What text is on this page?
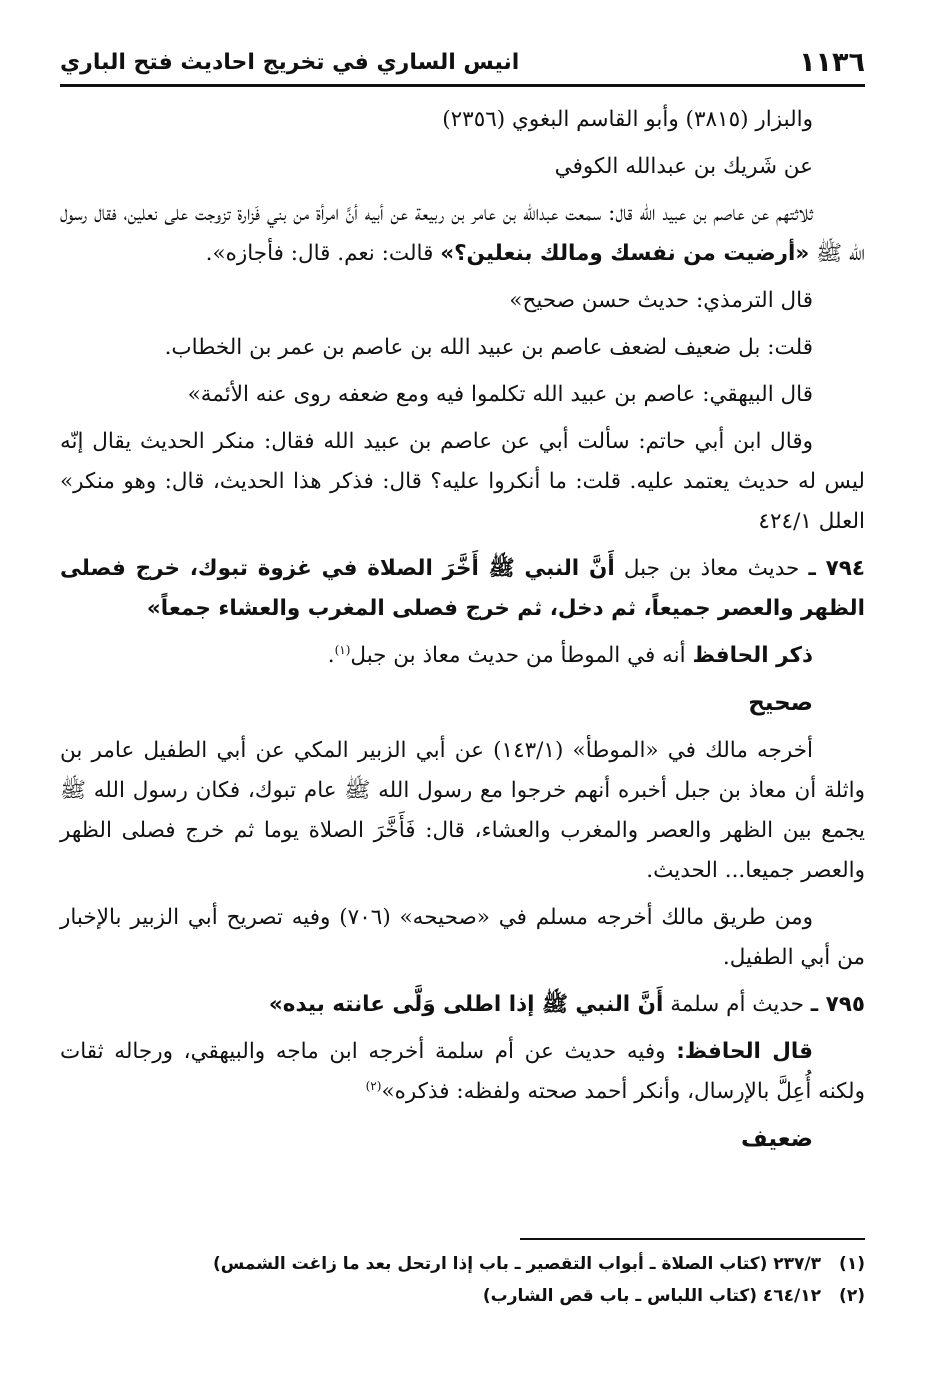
١١٣٦
انيس الساري في تخريج احاديث فتح الباري

والبزار (٣٨١٥) وأبو القاسم البغوي (٢٣٥٦)

عن شَريك بن عبدالله الكوفي

ثلاثتهم عن عاصم بن عبيد الله قال: سمعت عبدالله بن عامر بن ربيعة عن أبيه أنَّ امرأة من بني فَزارة تزوجت على نعلين، فقال رسول الله ﷺ «أرضيت من نفسك ومالك بنعلين؟» قالت: نعم. قال: فأجازه».

قال الترمذي: حديث حسن صحيح»

قلت: بل ضعيف لضعف عاصم بن عبيد الله بن عاصم بن عمر بن الخطاب.

قال البيهقي: عاصم بن عبيد الله تكلموا فيه ومع ضعفه روى عنه الأئمة»

وقال ابن أبي حاتم: سألت أبي عن عاصم بن عبيد الله فقال: منكر الحديث يقال إنّه ليس له حديث يعتمد عليه. قلت: ما أنكروا عليه؟ قال: فذكر هذا الحديث، قال: وهو منكر» العلل ٤٢٤/١

٧٩٤ ـ حديث معاذ بن جبل أَنَّ النبي ﷺ أَخَّرَ الصلاة في غزوة تبوك، خرج فصلى الظهر والعصر جميعاً، ثم دخل، ثم خرج فصلى المغرب والعشاء جمعاً»

ذكر الحافظ أنه في الموطأ من حديث معاذ بن جبل$^{(١)}$.

صحيح

أخرجه مالك في «الموطأ» (١٤٣/١) عن أبي الزبير المكي عن أبي الطفيل عامر بن واثلة أن معاذ بن جبل أخبره أنهم خرجوا مع رسول الله ﷺ عام تبوك، فكان رسول الله ﷺ يجمع بين الظهر والعصر والمغرب والعشاء، قال: فَأَخَّرَ الصلاة يوما ثم خرج فصلى الظهر والعصر جميعا... الحديث.

ومن طريق مالك أخرجه مسلم في «صحيحه» (٧٠٦) وفيه تصريح أبي الزبير بالإخبار من أبي الطفيل.

٧٩٥ ـ حديث أم سلمة أَنَّ النبي ﷺ إذا اطلى وَلَّى عانته بيده»

قال الحافظ: وفيه حديث عن أم سلمة أخرجه ابن ماجه والبيهقي، ورجاله ثقات ولكنه أُعِلَّ بالإرسال، وأنكر أحمد صحته ولفظه: فذكره»$^{(٢)}$

ضعيف
(١)٢٣٧/٣ (كتاب الصلاة ـ أبواب التقصير ـ باب إذا ارتحل بعد ما زاغت الشمس)
(٢)٤٦٤/١٢ (كتاب اللباس ـ باب قص الشارب)
